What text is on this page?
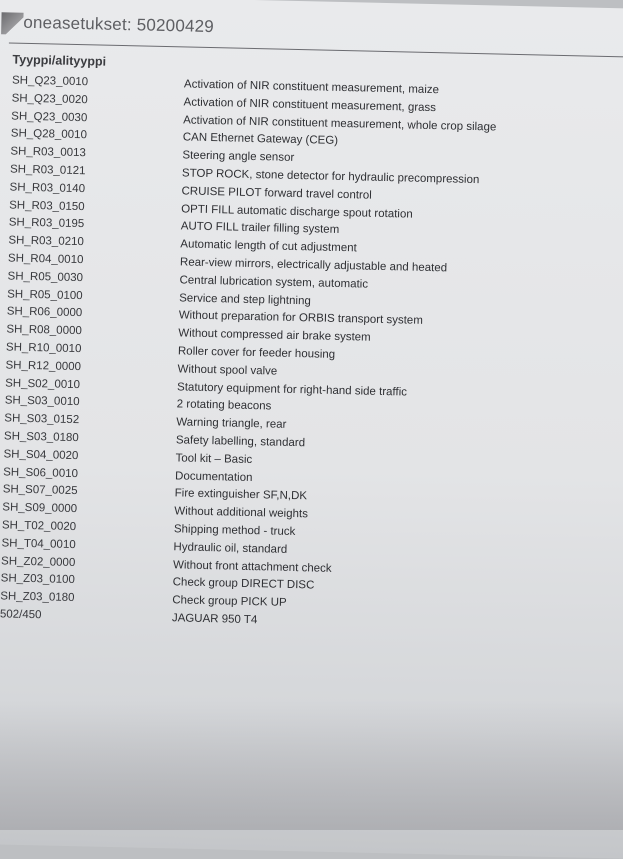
oneasetukset: 50200429
Tyyppi/alityyppi
SH_Q23_0010	Activation of NIR constituent measurement, maize
SH_Q23_0020	Activation of NIR constituent measurement, grass
SH_Q23_0030	Activation of NIR constituent measurement, whole crop silage
SH_Q28_0010	CAN Ethernet Gateway (CEG)
SH_R03_0013	Steering angle sensor
SH_R03_0121	STOP ROCK, stone detector for hydraulic precompression
SH_R03_0140	CRUISE PILOT forward travel control
SH_R03_0150	OPTI FILL automatic discharge spout rotation
SH_R03_0195	AUTO FILL trailer filling system
SH_R03_0210	Automatic length of cut adjustment
SH_R04_0010	Rear-view mirrors, electrically adjustable and heated
SH_R05_0030	Central lubrication system, automatic
SH_R05_0100	Service and step lightning
SH_R06_0000	Without preparation for ORBIS transport system
SH_R08_0000	Without compressed air brake system
SH_R10_0010	Roller cover for feeder housing
SH_R12_0000	Without spool valve
SH_S02_0010	Statutory equipment for right-hand side traffic
SH_S03_0010	2 rotating beacons
SH_S03_0152	Warning triangle, rear
SH_S03_0180	Safety labelling, standard
SH_S04_0020	Tool kit – Basic
SH_S06_0010	Documentation
SH_S07_0025	Fire extinguisher SF,N,DK
SH_S09_0000	Without additional weights
SH_T02_0020	Shipping method - truck
SH_T04_0010	Hydraulic oil, standard
SH_Z02_0000	Without front attachment check
SH_Z03_0100	Check group DIRECT DISC
SH_Z03_0180	Check group PICK UP
502/450	JAGUAR 950 T4
